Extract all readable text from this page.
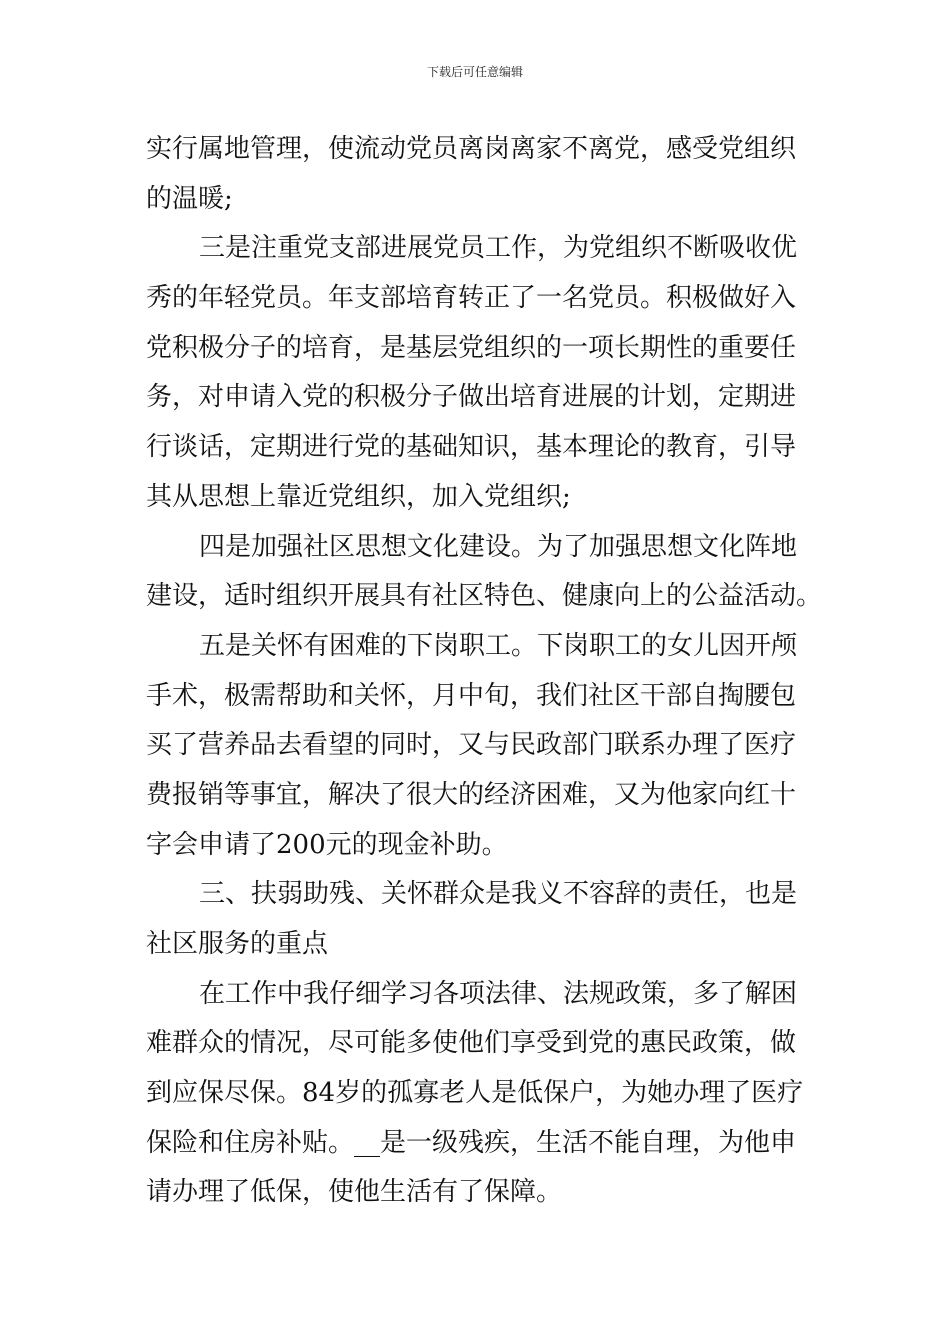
下载后可任意编辑
实行属地管理，使流动党员离岗离家不离党，感受党组织
的温暖;
三是注重党支部进展党员工作，为党组织不断吸收优
秀的年轻党员。年支部培育转正了一名党员。积极做好入
党积极分子的培育，是基层党组织的一项长期性的重要任
务，对申请入党的积极分子做出培育进展的计划，定期进
行谈话，定期进行党的基础知识，基本理论的教育，引导
其从思想上靠近党组织，加入党组织;
四是加强社区思想文化建设。为了加强思想文化阵地
建设，适时组织开展具有社区特色、健康向上的公益活动。
五是关怀有困难的下岗职工。下岗职工的女儿因开颅
手术，极需帮助和关怀，月中旬，我们社区干部自掏腰包
买了营养品去看望的同时，又与民政部门联系办理了医疗
费报销等事宜，解决了很大的经济困难，又为他家向红十
字会申请了200元的现金补助。
三、扶弱助残、关怀群众是我义不容辞的责任，也是
社区服务的重点
在工作中我仔细学习各项法律、法规政策，多了解困
难群众的情况，尽可能多使他们享受到党的惠民政策，做
到应保尽保。84岁的孤寡老人是低保户，为她办理了医疗
保险和住房补贴。__是一级残疾，生活不能自理，为他申
请办理了低保，使他生活有了保障。
